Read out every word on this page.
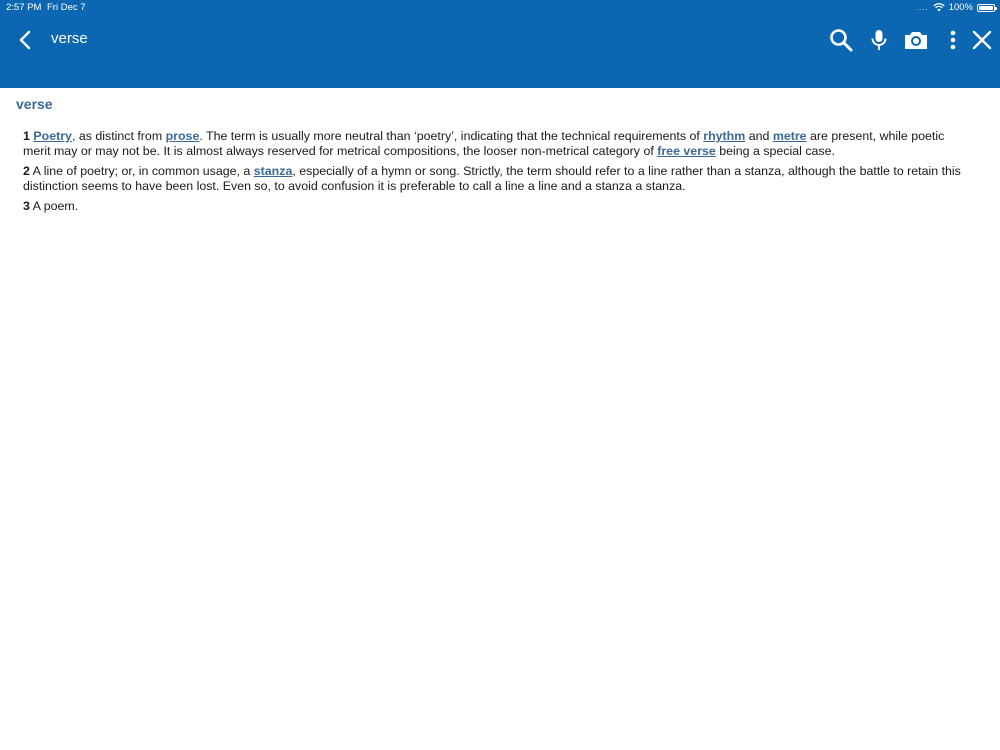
2:57 PM Fri Dec 7	.... 100%
verse
verse
1 Poetry, as distinct from prose. The term is usually more neutral than ‘poetry’, indicating that the technical requirements of rhythm and metre are present, while poetic merit may or may not be. It is almost always reserved for metrical compositions, the looser non-metrical category of free verse being a special case.
2 A line of poetry; or, in common usage, a stanza, especially of a hymn or song. Strictly, the term should refer to a line rather than a stanza, although the battle to retain this distinction seems to have been lost. Even so, to avoid confusion it is preferable to call a line a line and a stanza a stanza.
3 A poem.
